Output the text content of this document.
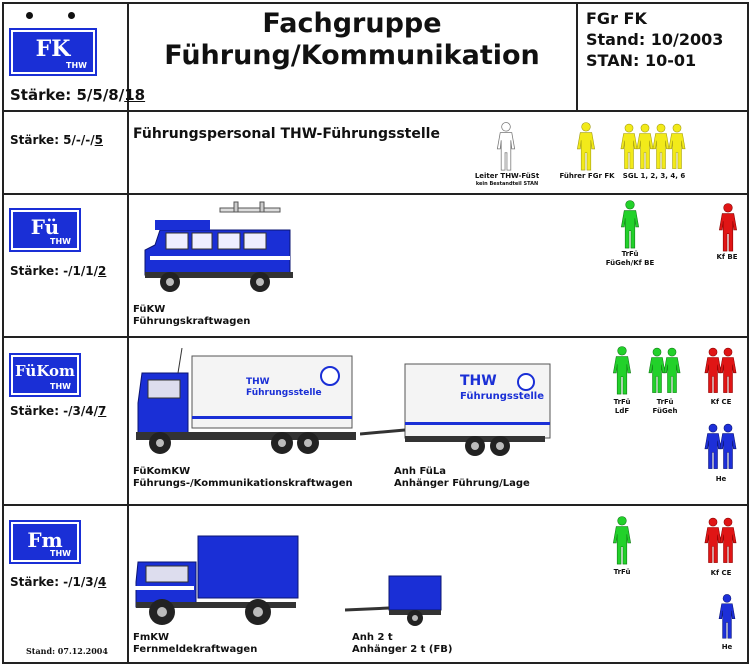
FK
THW
Stärke: 5/5/8/18
Fachgruppe
Führung/Kommunikation
FGr FK
Stand: 10/2003
STAN: 10-01
Stärke: 5/-/-/5 Führungspersonal THW-Führungsstelle
Leiter THW-FüSt
kein Bestandteil STAN
Führer FGr FK	SGL 1, 2, 3, 4, 6
Fü
THW
Stärke: -/1/1/2
FüKW
Führungskraftwagen
TrFü
FüGeh/Kf BE
Kf BE
FüKom
THW
Stärke: -/3/4/7
THW
Führungsstelle
THW
Führungsstelle
FüKomKW
Führungs-/Kommunikationskraftwagen
Anh FüLa
Anhänger Führung/Lage
TrFü
LdF
TrFü
FüGeh
Kf CE
He
Fm
THW
Stärke: -/1/3/4
FmKW
Fernmeldekraftwagen
Anh 2 t
Anhänger 2 t (FB)
TrFü	Kf CE
He
Stand: 07.12.2004
